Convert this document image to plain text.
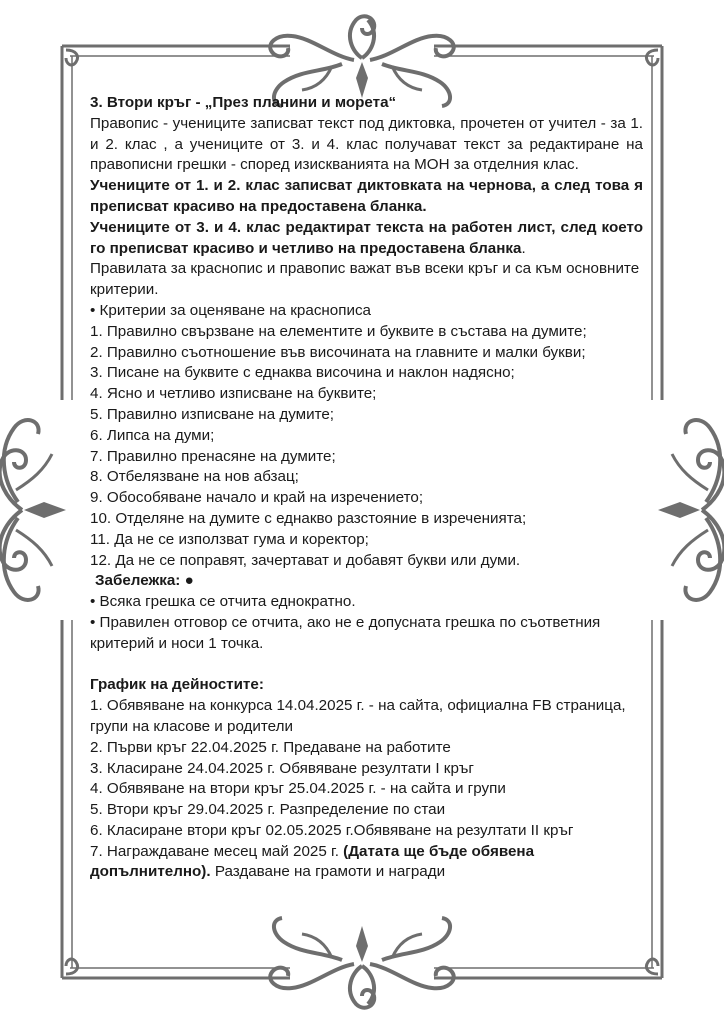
3. Втори кръг - „През планини и морета“

Правопис - учениците записват текст под диктовка, прочетен от учител - за 1. и 2. клас , а учениците от 3. и 4. клас получават текст за редактиране на правописни грешки - според изискванията на МОН за отделния клас.

Учениците от 1. и 2. клас записват диктовката на чернова, а след това я преписват красиво на предоставена бланка.

Учениците от 3. и 4. клас редактират текста на работен лист, след което го преписват красиво и четливо на предоставена бланка.

Правилата за краснопис и правопис важат във всеки кръг и са към основните критерии.

• Критерии за оценяване на краснописа

1. Правилно свързване на елементите и буквите в състава на думите;

2. Правилно съотношение във височината на главните и малки букви;

3. Писане на буквите с еднаква височина и наклон надясно;

4. Ясно и четливо изписване на буквите;

5. Правилно изписване на думите;

6. Липса на думи;

7. Правилно пренасяне на думите;

8. Отбелязване на нов абзац;

9. Обособяване начало и край на изречението;

10. Отделяне на думите с еднакво разстояние в изреченията;

11. Да не се използват гума и коректор;

12. Да не се поправят, зачертават и добавят букви или думи.

Забележка: ●

• Всяка грешка се отчита еднократно.

• Правилен отговор се отчита, ако не е допусната грешка по съответния критерий и носи 1 точка.

График на дейностите:

1. Обявяване на конкурса 14.04.2025 г. - на сайта, официална FB страница, групи на класове и родители

2. Първи кръг 22.04.2025 г. Предаване на работите

3. Класиране 24.04.2025 г. Обявяване резултати I кръг

4. Обявяване на втори кръг 25.04.2025 г. - на сайта и групи

5. Втори кръг 29.04.2025 г. Разпределение по стаи

6. Класиране втори кръг 02.05.2025 г.Обявяване на резултати II кръг

7. Награждаване месец май 2025 г. (Датата ще бъде обявена допълнително). Раздаване на грамоти и награди
